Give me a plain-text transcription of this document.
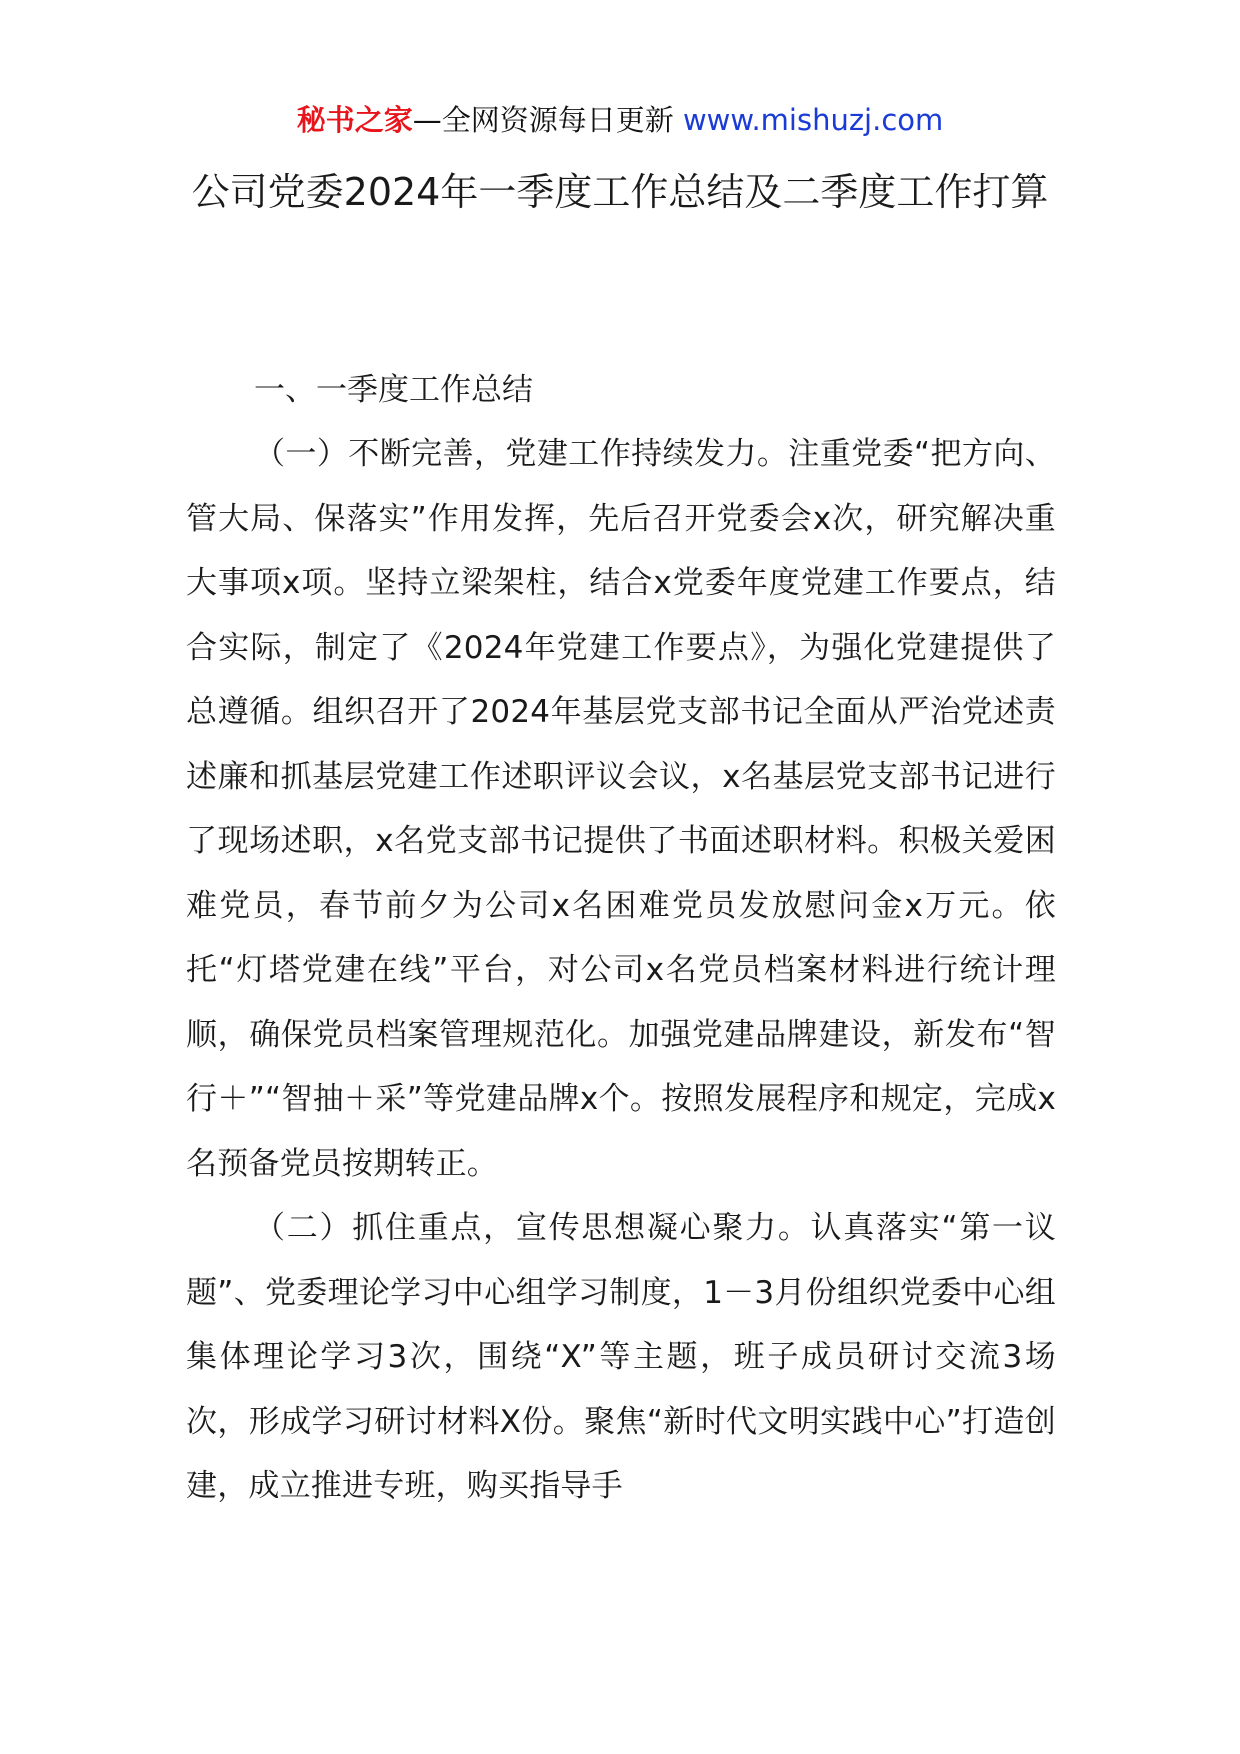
秘书之家—全网资源每日更新 www.mishuzj.com
公司党委2024年一季度工作总结及二季度工作打算

一、一季度工作总结

（一）不断完善，党建工作持续发力。注重党委“把方向、管大局、保落实”作用发挥，先后召开党委会x次，研究解决重大事项x项。坚持立梁架柱，结合x党委年度党建工作要点，结合实际，制定了《2024年党建工作要点》，为强化党建提供了总遵循。组织召开了2024年基层党支部书记全面从严治党述责述廉和抓基层党建工作述职评议会议，x名基层党支部书记进行了现场述职，x名党支部书记提供了书面述职材料。积极关爱困难党员，春节前夕为公司x名困难党员发放慰问金x万元。依托“灯塔党建在线”平台，对公司x名党员档案材料进行统计理顺，确保党员档案管理规范化。加强党建品牌建设，新发布“智行＋”“智抽＋采”等党建品牌x个。按照发展程序和规定，完成x名预备党员按期转正。

（二）抓住重点，宣传思想凝心聚力。认真落实“第一议题”、党委理论学习中心组学习制度，1－3月份组织党委中心组集体理论学习3次，围绕“X”等主题，班子成员研讨交流3场次，形成学习研讨材料X份。聚焦“新时代文明实践中心”打造创建，成立推进专班，购买指导手
